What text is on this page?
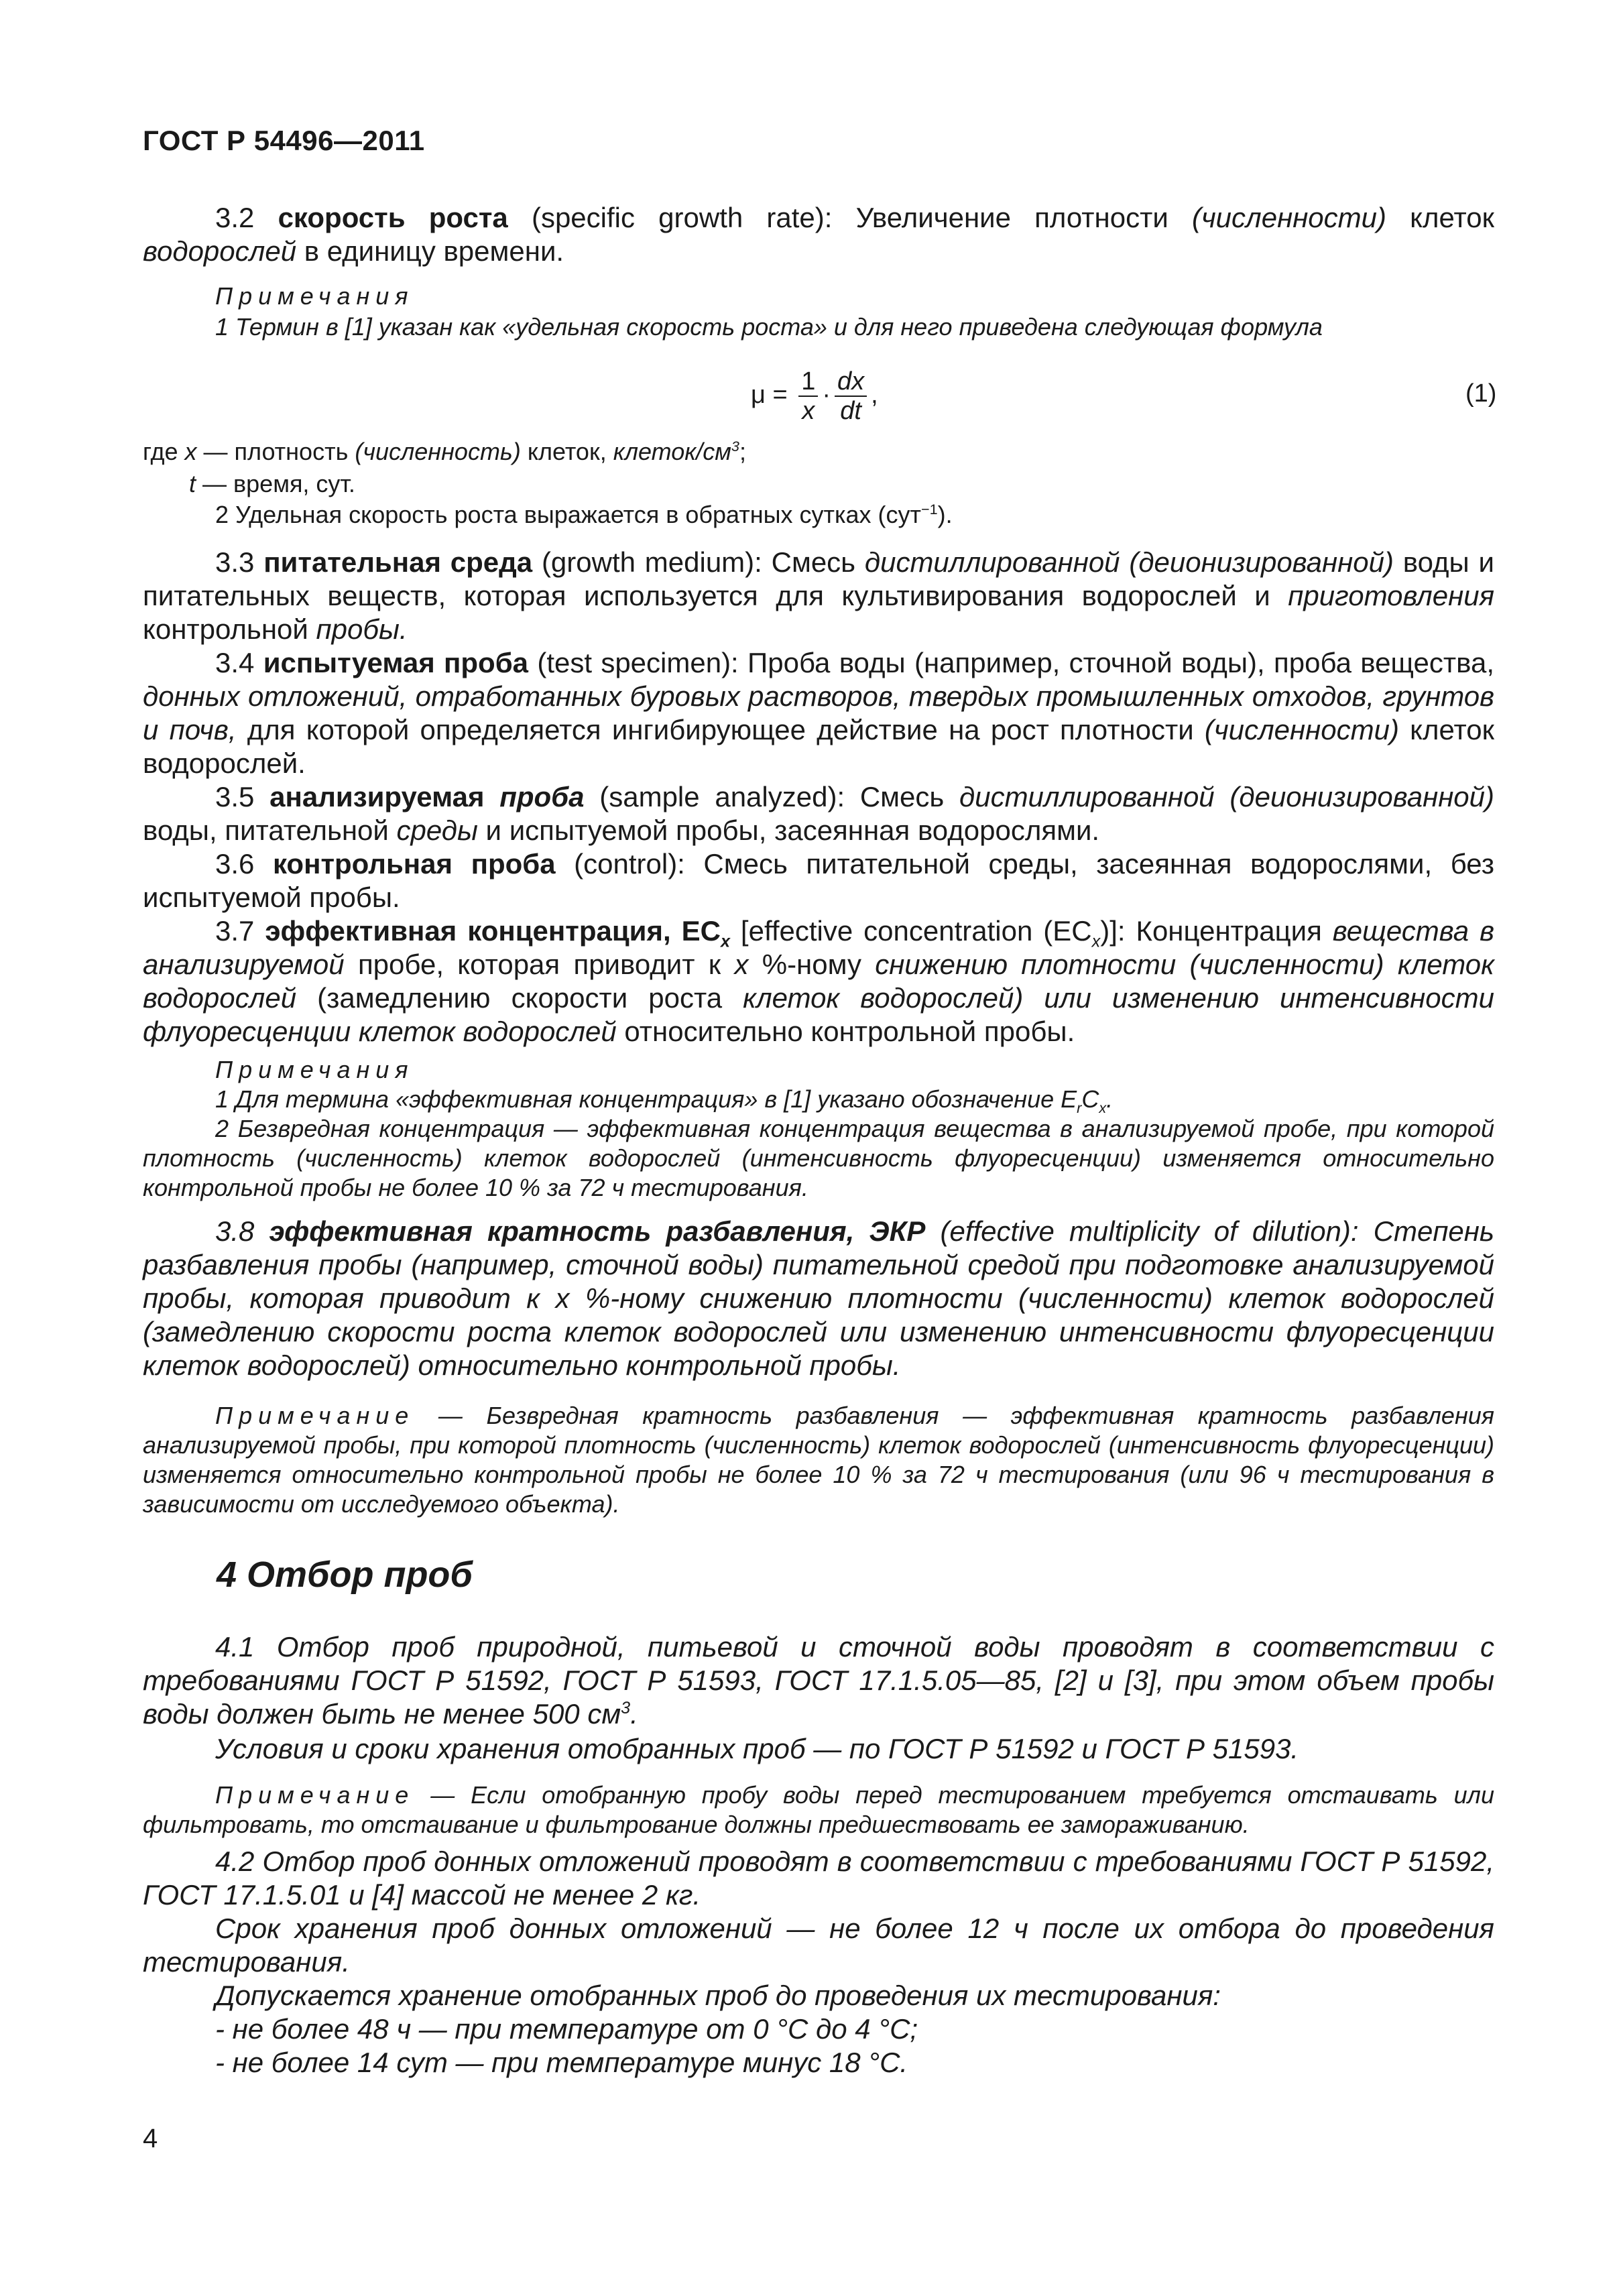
ГОСТ Р 54496—2011

3.2 скорость роста (specific growth rate): Увеличение плотности (численности) клеток водорослей в единицу времени.

Примечания

1 Термин в [1] указан как «удельная скорость роста» и для него приведена следующая формула

$\mu = \frac{1}{x} \cdot \frac{dx}{dt}$ ,	(1)

где x — плотность (численность) клеток, клеток/$см^3$;

t — время, сут.

2 Удельная скорость роста выражается в обратных сутках (сут$^{-1}$).

3.3 питательная среда (growth medium): Смесь дистиллированной (деионизированной) воды и питательных веществ, которая используется для культивирования водорослей и приготовления контрольной пробы.

3.4 испытуемая проба (test specimen): Проба воды (например, сточной воды), проба вещества, донных отложений, отработанных буровых растворов, твердых промышленных отходов, грунтов и почв, для которой определяется ингибирующее действие на рост плотности (численности) клеток водорослей.

3.5 анализируемая проба (sample analyzed): Смесь дистиллированной (деионизированной) воды, питательной среды и испытуемой пробы, засеянная водорослями.

3.6 контрольная проба (control): Смесь питательной среды, засеянная водорослями, без испытуемой пробы.

3.7 эффективная концентрация, $EC_x$ [effective concentration $(EC_x)$]: Концентрация вещества в анализируемой пробе, которая приводит к x %-ному снижению плотности (численности) клеток водорослей (замедлению скорости роста клеток водорослей) или изменению интенсивности флуоресценции клеток водорослей относительно контрольной пробы.

Примечания

1 Для термина «эффективная концентрация» в [1] указано обозначение $E_rC_x$.

2 Безвредная концентрация — эффективная концентрация вещества в анализируемой пробе, при которой плотность (численность) клеток водорослей (интенсивность флуоресценции) изменяется относительно контрольной пробы не более 10 % за 72 ч тестирования.

3.8 эффективная кратность разбавления, ЭКР (effective multiplicity of dilution): Степень разбавления пробы (например, сточной воды) питательной средой при подготовке анализируемой пробы, которая приводит к x %-ному снижению плотности (численности) клеток водорослей (замедлению скорости роста клеток водорослей или изменению интенсивности флуоресценции клеток водорослей) относительно контрольной пробы.

Примечание — Безвредная кратность разбавления — эффективная кратность разбавления анализируемой пробы, при которой плотность (численность) клеток водорослей (интенсивность флуоресценции) изменяется относительно контрольной пробы не более 10 % за 72 ч тестирования (или 96 ч тестирования в зависимости от исследуемого объекта).

4 Отбор проб

4.1 Отбор проб природной, питьевой и сточной воды проводят в соответствии с требованиями ГОСТ Р 51592, ГОСТ Р 51593, ГОСТ 17.1.5.05—85, [2] и [3], при этом объем пробы воды должен быть не менее 500 $см^3$.

Условия и сроки хранения отобранных проб — по ГОСТ Р 51592 и ГОСТ Р 51593.

Примечание — Если отобранную пробу воды перед тестированием требуется отстаивать или фильтровать, то отстаивание и фильтрование должны предшествовать ее замораживанию.

4.2 Отбор проб донных отложений проводят в соответствии с требованиями ГОСТ Р 51592, ГОСТ 17.1.5.01 и [4] массой не менее 2 кг.

Срок хранения проб донных отложений — не более 12 ч после их отбора до проведения тестирования.

Допускается хранение отобранных проб до проведения их тестирования:

- не более 48 ч — при температуре от 0 °С до 4 °С;

- не более 14 сут — при температуре минус 18 °С.

4
